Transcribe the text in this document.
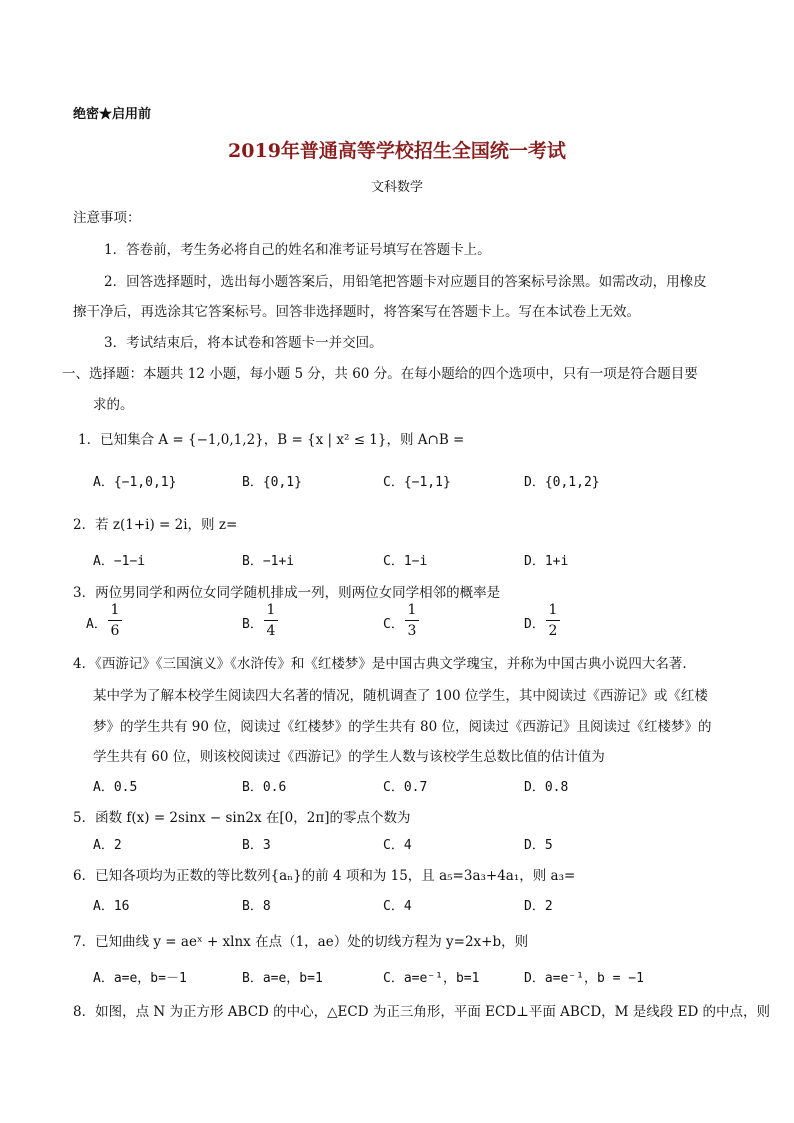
绝密★启用前
2019年普通高等学校招生全国统一考试
文科数学
注意事项：
1．答卷前，考生务必将自己的姓名和准考证号填写在答题卡上。
2．回答选择题时，选出每小题答案后，用铅笔把答题卡对应题目的答案标号涂黑。如需改动，用橡皮
擦干净后，再选涂其它答案标号。回答非选择题时，将答案写在答题卡上。写在本试卷上无效。
3．考试结束后，将本试卷和答题卡一并交回。
一、选择题：本题共 12 小题，每小题 5 分，共 60 分。在每小题给的四个选项中，只有一项是符合题目要
求的。
1．已知集合 A = {−1,0,1,2}，B = {x | x² ≤ 1}，则 A∩B =
A．{−1,0,1}	B．{0,1}	C．{−1,1}	D．{0,1,2}
2．若 z(1+i) = 2i，则 z=
A．−1−i	B．−1+i	C．1−i	D．1+i
3．两位男同学和两位女同学随机排成一列，则两位女同学相邻的概率是
A．
1
6	B．
1
4	C．
1
3	D．
1
2
4．《西游记》《三国演义》《水浒传》和《红楼梦》是中国古典文学瑰宝，并称为中国古典小说四大名著.
某中学为了解本校学生阅读四大名著的情况，随机调查了 100 位学生，其中阅读过《西游记》或《红楼
梦》的学生共有 90 位，阅读过《红楼梦》的学生共有 80 位，阅读过《西游记》且阅读过《红楼梦》的
学生共有 60 位，则该校阅读过《西游记》的学生人数与该校学生总数比值的估计值为
A．0.5	B．0.6	C．0.7	D．0.8
5．函数 f(x) = 2sinx − sin2x 在[0，2π]的零点个数为
A．2	B．3	C．4	D．5
6．已知各项均为正数的等比数列{aₙ}的前 4 项和为 15，且 a₅=3a₃+4a₁，则 a₃=
A．16	B．8	C．4	D．2
7．已知曲线 y = aeˣ + xlnx 在点（1，ae）处的切线方程为 y=2x+b，则
A．a=e，b=－1	B．a=e，b=1	C．a=e⁻¹，b=1	D．a=e⁻¹，b = −1
8．如图，点 N 为正方形 ABCD 的中心，△ECD 为正三角形，平面 ECD⊥平面 ABCD，M 是线段 ED 的中点，则
